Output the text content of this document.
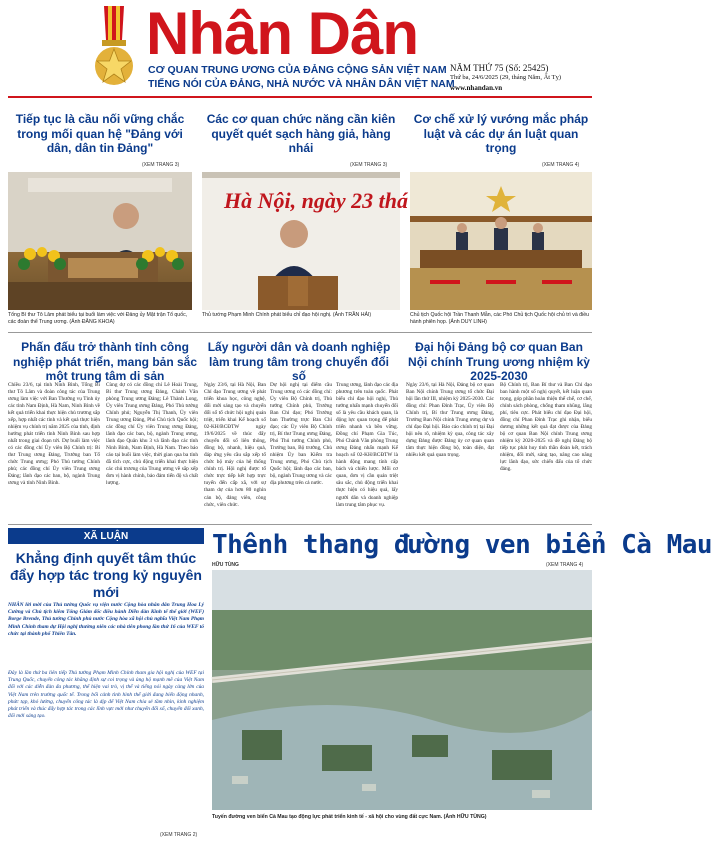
Nhân Dân
CƠ QUAN TRUNG ƯƠNG CỦA ĐẢNG CỘNG SẢN VIỆT NAM
TIẾNG NÓI CỦA ĐẢNG, NHÀ NƯỚC VÀ NHÂN DÂN VIỆT NAM
NĂM THỨ 75 (Số: 25425)
Thứ ba, 24/6/2025 (29, tháng Năm, Ất Tỵ)
www.nhandan.vn
Tiếp tục là cầu nối vững chắc trong mối quan hệ "Đảng với dân, dân tin Đảng"
(XEM TRANG 3)
Các cơ quan chức năng cần kiên quyết quét sạch hàng giả, hàng nhái
(XEM TRANG 3)
Cơ chế xử lý vướng mắc pháp luật và các dự án luật quan trọng
(XEM TRANG 4)
Tổng Bí thư Tô Lâm phát biểu tại buổi làm việc với Đảng ủy Mặt trận Tổ quốc, các đoàn thể Trung ương. (Ảnh ĐĂNG KHOA)
Hà Nội, ngày 23 thá
Thủ tướng Phạm Minh Chính phát biểu chỉ đạo hội nghị. (Ảnh TRẦN HẢI)	Chủ tịch Quốc hội Trần Thanh Mẫn, các Phó Chủ tịch Quốc hội chủ trì và điều hành phiên họp. (Ảnh DUY LINH)
Phấn đấu trở thành tỉnh công nghiệp phát triển, mang bản sắc một trung tâm di sản
Chiều 23/6, tại tỉnh Ninh Bình, Tổng Bí thư Tô Lâm và đoàn công tác của Trung ương làm việc với Ban Thường vụ Tỉnh ủy các tỉnh Nam Định, Hà Nam, Ninh Bình về kết quả triển khai thực hiện chủ trương sắp xếp, hợp nhất các tỉnh và kết quả thực hiện nhiệm vụ chính trị năm 2025 của tỉnh, định hướng phát triển tỉnh Ninh Bình sau hợp nhất trong giai đoạn tới. Dự buổi làm việc có các đồng chí Ủy viên Bộ Chính trị: Bí thư Trung ương Đảng, Trưởng ban Tổ chức Trung ương; Phó Thủ tướng Chính phủ; các đồng chí Ủy viên Trung ương Đảng; lãnh đạo các ban, bộ, ngành Trung ương và tỉnh Ninh Bình.
Cùng dự có các đồng chí Lê Hoài Trung, Bí thư Trung ương Đảng, Chánh Văn phòng Trung ương Đảng; Lê Thành Long, Ủy viên Trung ương Đảng, Phó Thủ tướng Chính phủ; Nguyễn Thị Thanh, Ủy viên Trung ương Đảng, Phó Chủ tịch Quốc hội; các đồng chí Ủy viên Trung ương Đảng, lãnh đạo các ban, bộ, ngành Trung ương, lãnh đạo Quân khu 3 và lãnh đạo các tỉnh Ninh Bình, Nam Định, Hà Nam. Theo báo cáo tại buổi làm việc, thời gian qua ba tỉnh đã tích cực, chủ động triển khai thực hiện các chủ trương của Trung ương về sắp xếp đơn vị hành chính, bảo đảm tiến độ và chất lượng.
Lấy người dân và doanh nghiệp làm trung tâm trong chuyển đổi số
Ngày 23/6, tại Hà Nội, Ban Chỉ đạo Trung ương về phát triển khoa học, công nghệ, đổi mới sáng tạo và chuyển đổi số tổ chức hội nghị quán triệt, triển khai Kế hoạch số 02-KH/BCĐTW ngày 19/6/2025 về thúc đẩy chuyển đổi số liên thông, đồng bộ, nhanh, hiệu quả, đáp ứng yêu cầu sắp xếp tổ chức bộ máy của hệ thống chính trị. Hội nghị được tổ chức trực tiếp kết hợp trực tuyến đến cấp xã, với sự tham dự của hơn 80 nghìn cán bộ, đảng viên, công chức, viên chức.
Dự hội nghị tại điểm cầu Trung ương có các đồng chí: Ủy viên Bộ Chính trị, Thủ tướng Chính phủ, Trưởng Ban Chỉ đạo; Phó Trưởng ban Thường trực Ban Chỉ đạo; các Ủy viên Bộ Chính trị, Bí thư Trung ương Đảng, Phó Thủ tướng Chính phủ, Trưởng ban, Bộ trưởng, Chủ nhiệm Ủy ban Kiểm tra Trung ương, Phó Chủ tịch Quốc hội; lãnh đạo các ban, bộ, ngành Trung ương và các địa phương trên cả nước.
Trung ương, lãnh đạo các địa phương trên toàn quốc. Phát biểu chỉ đạo hội nghị, Thủ tướng nhấn mạnh chuyển đổi số là yêu cầu khách quan, là động lực quan trọng để phát triển nhanh và bền vững. Đồng chí Phạm Gia Túc, Phó Chánh Văn phòng Trung ương Đảng nhấn mạnh Kế hoạch số 02-KH/BCĐTW là hành động mang tính cấp bách và chiến lược. Mỗi cơ quan, đơn vị cần quán triệt sâu sắc, chủ động triển khai thực hiện có hiệu quả, lấy người dân và doanh nghiệp làm trung tâm phục vụ.
Đại hội Đảng bộ cơ quan Ban Nội chính Trung ương nhiệm kỳ 2025-2030
Ngày 23/6, tại Hà Nội, Đảng bộ cơ quan Ban Nội chính Trung ương tổ chức Đại hội lần thứ III, nhiệm kỳ 2025-2030. Các đồng chí: Phan Đình Trạc, Ủy viên Bộ Chính trị, Bí thư Trung ương Đảng, Trưởng Ban Nội chính Trung ương dự và chỉ đạo Đại hội. Báo cáo chính trị tại Đại hội nêu rõ, nhiệm kỳ qua, công tác xây dựng Đảng được Đảng ủy cơ quan quan tâm thực hiện đồng bộ, toàn diện, đạt nhiều kết quả quan trọng.
Bộ Chính trị, Ban Bí thư và Ban Chỉ đạo ban hành một số nghị quyết, kết luận quan trọng, góp phần hoàn thiện thể chế, cơ chế, chính sách phòng, chống tham nhũng, lãng phí, tiêu cực. Phát biểu chỉ đạo Đại hội, đồng chí Phan Đình Trạc ghi nhận, biểu dương những kết quả đạt được của Đảng bộ cơ quan Ban Nội chính Trung ương nhiệm kỳ 2020-2025 và đề nghị Đảng bộ tiếp tục phát huy tinh thần đoàn kết, trách nhiệm, đổi mới, sáng tạo, nâng cao năng lực lãnh đạo, sức chiến đấu của tổ chức đảng.
XÃ LUẬN
Khẳng định quyết tâm thúc đẩy hợp tác trong kỷ nguyên mới
NHÂN lời mời của Thủ tướng Quốc vụ viện nước Cộng hòa nhân dân Trung Hoa Lý Cường và Chủ tịch kiêm Tổng Giám đốc điều hành Diễn đàn Kinh tế thế giới (WEF) Borge Brende, Thủ tướng Chính phủ nước Cộng hòa xã hội chủ nghĩa Việt Nam Phạm Minh Chính tham dự Hội nghị thường niên các nhà tiên phong lần thứ 16 của WEF tổ chức tại thành phố Thiên Tân.
Đây là lần thứ ba liên tiếp Thủ tướng Phạm Minh Chính tham gia hội nghị của WEF tại Trung Quốc, chuyến công tác khẳng định sự coi trọng và ủng hộ mạnh mẽ của Việt Nam đối với các diễn đàn đa phương, thể hiện vai trò, vị thế và tiếng nói ngày càng lớn của Việt Nam trên trường quốc tế. Trong bối cảnh tình hình thế giới đang biến động nhanh, phức tạp, khó lường, chuyến công tác là dịp để Việt Nam chia sẻ tầm nhìn, kinh nghiệm phát triển và thúc đẩy hợp tác trong các lĩnh vực mới như chuyển đổi số, chuyển đổi xanh, đổi mới sáng tạo.
(XEM TRANG 2)
Thênh thang đường ven biển Cà Mau
HỮU TÙNG	(XEM TRANG 4)
Tuyến đường ven biển Cà Mau tạo động lực phát triển kinh tế - xã hội cho vùng đất cực Nam. (Ảnh HỮU TÙNG)
